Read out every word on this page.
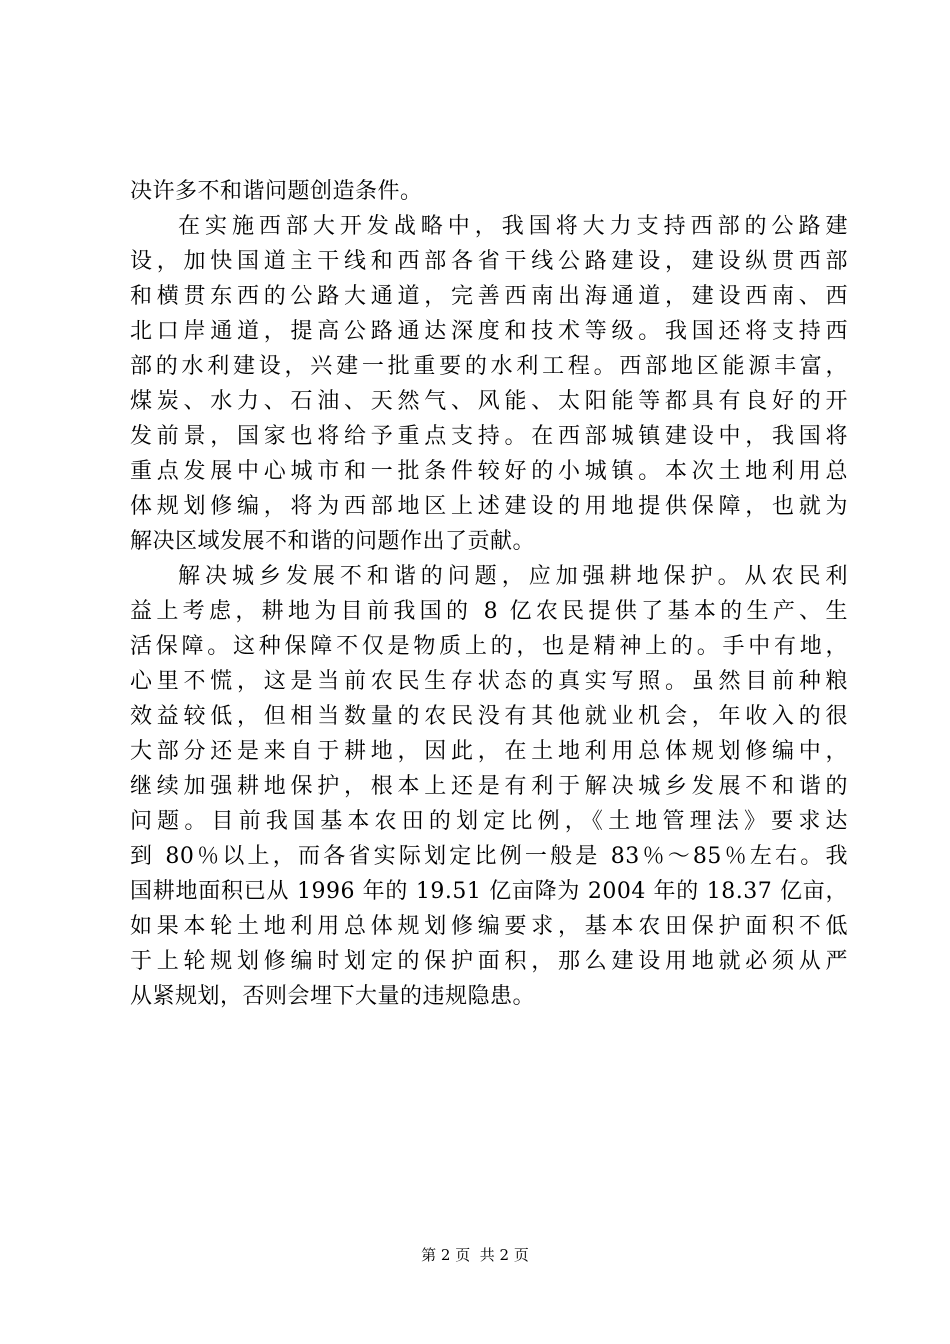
决许多不和谐问题创造条件。
在实施西部大开发战略中，我国将大力支持西部的公路建
设，加快国道主干线和西部各省干线公路建设，建设纵贯西部
和横贯东西的公路大通道，完善西南出海通道，建设西南、西
北口岸通道，提高公路通达深度和技术等级。我国还将支持西
部的水利建设，兴建一批重要的水利工程。西部地区能源丰富，
煤炭、水力、石油、天然气、风能、太阳能等都具有良好的开
发前景，国家也将给予重点支持。在西部城镇建设中，我国将
重点发展中心城市和一批条件较好的小城镇。本次土地利用总
体规划修编，将为西部地区上述建设的用地提供保障，也就为
解决区域发展不和谐的问题作出了贡献。
解决城乡发展不和谐的问题，应加强耕地保护。从农民利
益上考虑，耕地为目前我国的 8 亿农民提供了基本的生产、生
活保障。这种保障不仅是物质上的，也是精神上的。手中有地，
心里不慌，这是当前农民生存状态的真实写照。虽然目前种粮
效益较低，但相当数量的农民没有其他就业机会，年收入的很
大部分还是来自于耕地，因此，在土地利用总体规划修编中，
继续加强耕地保护，根本上还是有利于解决城乡发展不和谐的
问题。目前我国基本农田的划定比例，《土地管理法》要求达
到 80％以上，而各省实际划定比例一般是 83％～85％左右。我
国耕地面积已从 1996 年的 19.51 亿亩降为 2004 年的 18.37 亿亩，
如果本轮土地利用总体规划修编要求，基本农田保护面积不低
于上轮规划修编时划定的保护面积，那么建设用地就必须从严
从紧规划，否则会埋下大量的违规隐患。
第 2 页  共 2 页
